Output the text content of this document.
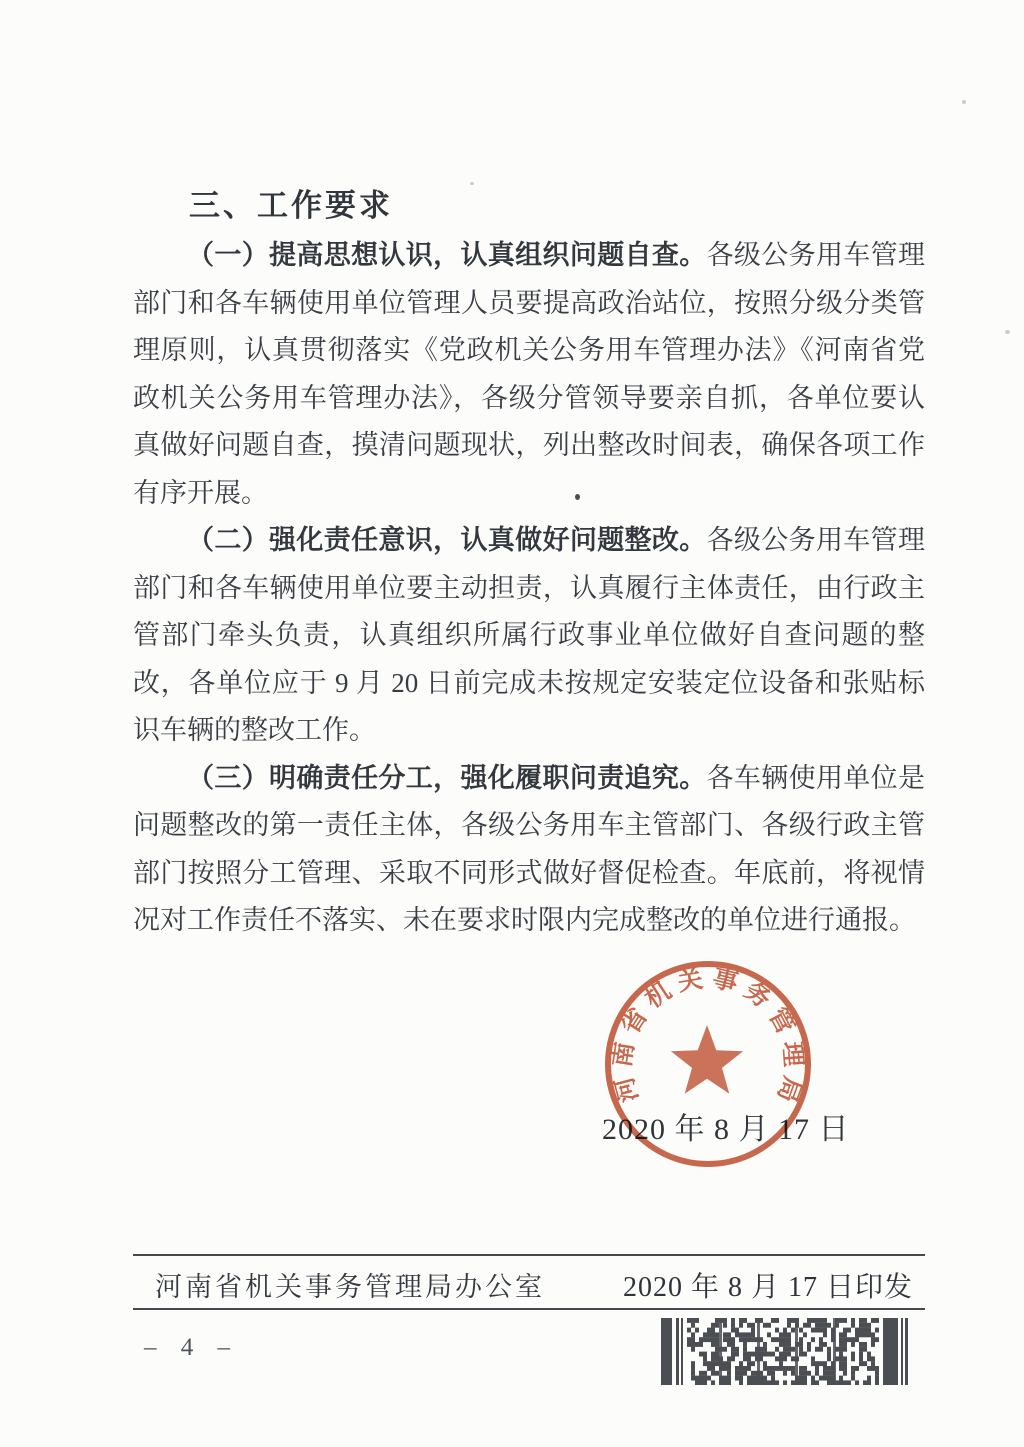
三、工作要求

（一）提高思想认识，认真组织问题自查。各级公务用车管理部门和各车辆使用单位管理人员要提高政治站位，按照分级分类管理原则，认真贯彻落实《党政机关公务用车管理办法》《河南省党政机关公务用车管理办法》，各级分管领导要亲自抓，各单位要认真做好问题自查，摸清问题现状，列出整改时间表，确保各项工作有序开展。

（二）强化责任意识，认真做好问题整改。各级公务用车管理部门和各车辆使用单位要主动担责，认真履行主体责任，由行政主管部门牵头负责，认真组织所属行政事业单位做好自查问题的整改，各单位应于 9 月 20 日前完成未按规定安装定位设备和张贴标识车辆的整改工作。

（三）明确责任分工，强化履职问责追究。各车辆使用单位是问题整改的第一责任主体，各级公务用车主管部门、各级行政主管部门按照分工管理、采取不同形式做好督促检查。年底前，将视情况对工作责任不落实、未在要求时限内完成整改的单位进行通报。

2020 年 8 月 17 日
河南省机关事务管理局
河南省机关事务管理局办公室	2020 年 8 月 17 日印发
– 4 –
